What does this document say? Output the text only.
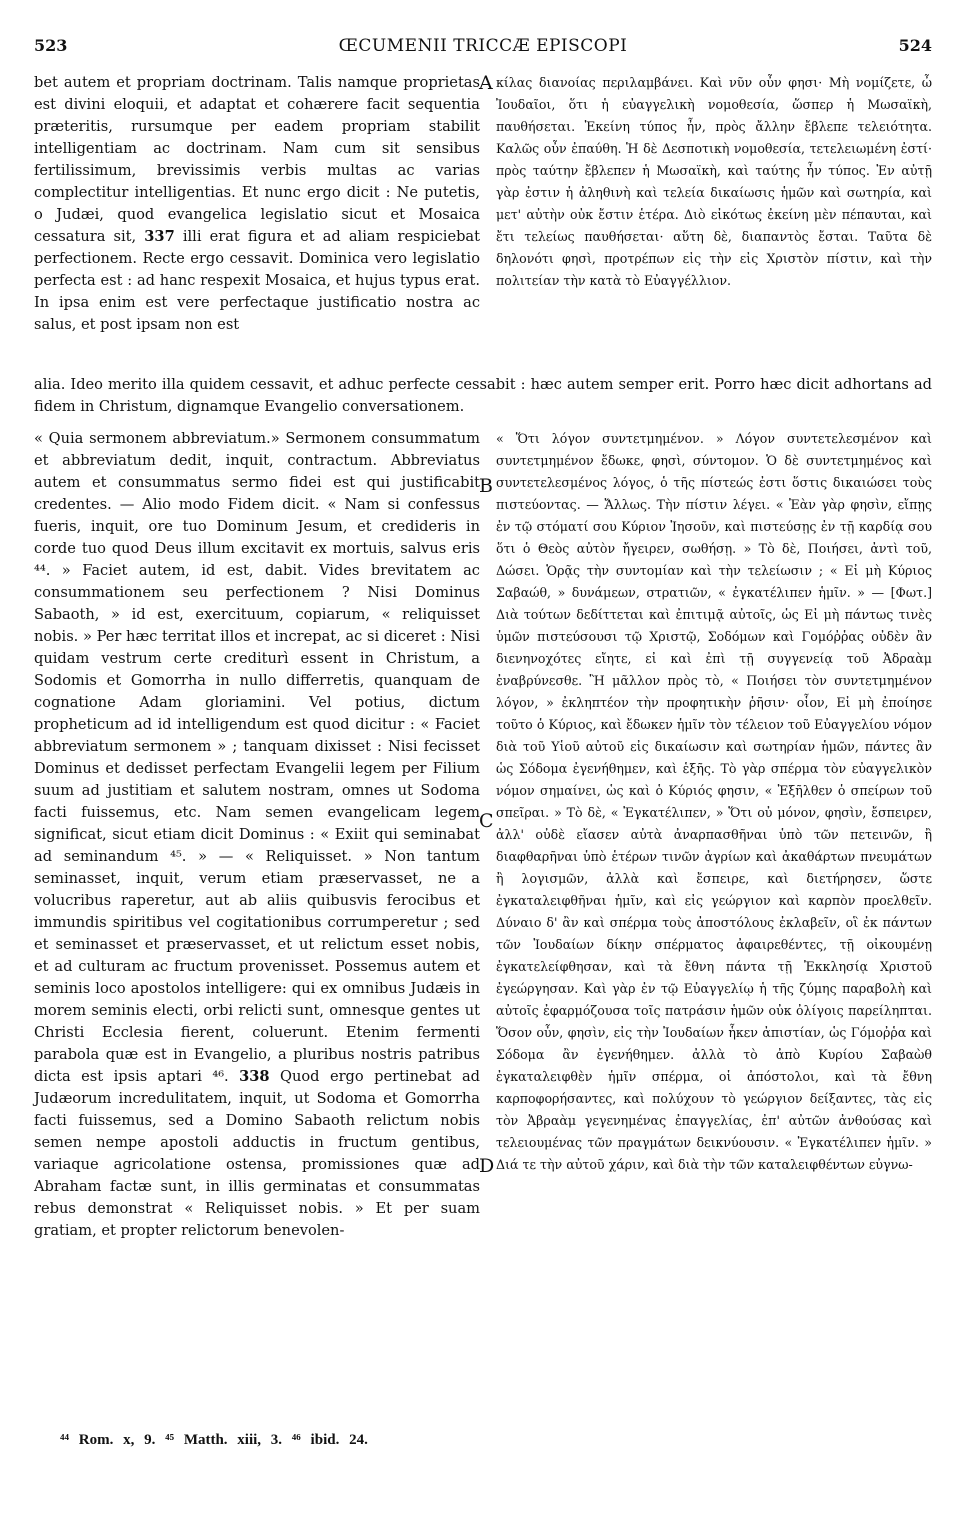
523	ŒCUMENII TRICCÆ EPISCOPI	524

bet autem et propriam doctrinam. Talis namque proprietas est divini eloquii, et adaptat et cohærere facit sequentia præteritis, rursumque per eadem propriam stabilit intelligentiam ac doctrinam. Nam cum sit sensibus fertilissimum, brevissimis verbis multas ac varias complectitur intelligentias. Et nunc ergo dicit : Ne putetis, o Judæi, quod evangelica legislatio sicut et Mosaica cessatura sit, 337 illi erat figura et ad aliam respiciebat perfectionem. Recte ergo cessavit. Dominica vero legislatio perfecta est : ad hanc respexit Mosaica, et hujus typus erat. In ipsa enim est vere perfectaque justificatio nostra ac salus, et post ipsam non est

A κίλας διανοίας περιλαμβάνει. Καὶ νῦν οὖν φησι· Μὴ νομίζετε, ὦ Ἰουδαῖοι, ὅτι ἡ εὐαγγελικὴ νομοθεσία, ὥσπερ ἡ Μωσαϊκὴ, παυθήσεται. Ἐκείνη τύπος ἦν, πρὸς ἄλλην ἔβλεπε τελειότητα. Καλῶς οὖν ἐπαύθη. Ἡ δὲ Δεσποτικὴ νομοθεσία, τετελειωμένη ἐστί· πρὸς ταύτην ἔβλεπεν ἡ Μωσαϊκὴ, καὶ ταύτης ἦν τύπος. Ἐν αὐτῇ γὰρ ἐστιν ἡ ἀληθινὴ καὶ τελεία δικαίωσις ἡμῶν καὶ σωτηρία, καὶ μετ' αὐτὴν οὐκ ἔστιν ἑτέρα. Διὸ εἰκότως ἐκείνη μὲν πέπαυται, καὶ ἔτι τελείως παυθήσεται· αὕτη δὲ, διαπαντὸς ἔσται. Ταῦτα δὲ δηλονότι φησὶ, προτρέπων εἰς τὴν εἰς Χριστὸν πίστιν, καὶ τὴν πολιτείαν τὴν κατὰ τὸ Εὐαγγέλλιον.

alia. Ideo merito illa quidem cessavit, et adhuc perfecte cessabit : hæc autem semper erit. Porro hæc dicit adhortans ad fidem in Christum, dignamque Evangelio conversationem.

« Quia sermonem abbreviatum.» Sermonem consummatum et abbreviatum dedit, inquit, contractum. Abbreviatus autem et consummatus sermo fidei est qui justificabit credentes. — Alio modo Fidem dicit. « Nam si confessus fueris, inquit, ore tuo Dominum Jesum, et credideris in corde tuo quod Deus illum excitavit ex mortuis, salvus eris ⁴⁴. » Faciet autem, id est, dabit. Vides brevitatem ac consummationem seu perfectionem ? Nisi Dominus Sabaoth, » id est, exercituum, copiarum, « reliquisset nobis. » Per hæc territat illos et increpat, ac si diceret : Nisi quidam vestrum certe crediturì essent in Christum, a Sodomis et Gomorrha in nullo differretis, quanquam de cognatione Adam gloriamini. Vel potius, dictum propheticum ad id intelligendum est quod dicitur : « Faciet abbreviatum sermonem » ; tanquam dixisset : Nisi fecisset Dominus et dedisset perfectam Evangelii legem per Filium suum ad justitiam et salutem nostram, omnes ut Sodoma facti fuissemus, etc. Nam semen evangelicam legem significat, sicut etiam dicit Dominus : « Exiit qui seminabat ad seminandum ⁴⁵. » — « Reliquisset. » Non tantum seminasset, inquit, verum etiam præservasset, ne a volucribus raperetur, aut ab aliis quibusvis ferocibus et immundis spiritibus vel cogitationibus corrumperetur ; sed et seminasset et præservasset, et ut relictum esset nobis, et ad culturam ac fructum provenisset. Possemus autem et seminis loco apostolos intelligere: qui ex omnibus Judæis in morem seminis electi, orbi relicti sunt, omnesque gentes ut Christi Ecclesia fierent, coluerunt. Etenim fermenti parabola quæ est in Evangelio, a pluribus nostris patribus dicta est ipsis aptari ⁴⁶. 338 Quod ergo pertinebat ad Judæorum incredulitatem, inquit, ut Sodoma et Gomorrha facti fuissemus, sed a Domino Sabaoth relictum nobis semen nempe apostoli adductis in fructum gentibus, variaque agricolatione ostensa, promissiones quæ ad Abraham factæ sunt, in illis germinatas et consummatas rebus demonstrat « Reliquisset nobis. » Et per suam gratiam, et propter relictorum benevolen-

B
C
D

« Ὅτι λόγον συντετμημένον. » Λόγον συντετελεσμένον καὶ συντετμημένον ἔδωκε, φησὶ, σύντομον. Ὁ δὲ συντετμημένος καὶ συντετελεσμένος λόγος, ὁ τῆς πίστεώς ἐστι ὅστις δικαιώσει τοὺς πιστεύοντας. — Ἄλλως. Τὴν πίστιν λέγει. « Ἐὰν γὰρ φησὶν, εἴπῃς ἐν τῷ στόματί σου Κύριον Ἰησοῦν, καὶ πιστεύσῃς ἐν τῇ καρδίᾳ σου ὅτι ὁ Θεὸς αὐτὸν ἤγειρεν, σωθήσῃ. » Τὸ δὲ, Ποιήσει, ἀντὶ τοῦ, Δώσει. Ὁρᾷς τὴν συντομίαν καὶ τὴν τελείωσιν ; « Εἰ μὴ Κύριος Σαβαώθ, » δυνάμεων, στρατιῶν, « ἐγκατέλιπεν ἡμῖν. » — [Φωτ.] Διὰ τούτων δεδίττεται καὶ ἐπιτιμᾷ αὐτοῖς, ὡς Εἰ μὴ πάντως τινὲς ὑμῶν πιστεύσουσι τῷ Χριστῷ, Σοδόμων καὶ Γομόῤῥας οὐδὲν ἂν διενηνοχότες εἴητε, εἰ καὶ ἐπὶ τῇ συγγενείᾳ τοῦ Ἀδραὰμ ἐναβρύνεσθε. Ἢ μᾶλλον πρὸς τὸ, « Ποιήσει τὸν συντετμημένον λόγον, » ἐκληπτέον τὴν προφητικὴν ῥῆσιν· οἷον, Εἰ μὴ ἐποίησε τοῦτο ὁ Κύριος, καὶ ἔδωκεν ἡμῖν τὸν τέλειον τοῦ Εὐαγγελίου νόμον διὰ τοῦ Υἱοῦ αὐτοῦ εἰς δικαίωσιν καὶ σωτηρίαν ἡμῶν, πάντες ἂν ὡς Σόδομα ἐγενήθημεν, καὶ ἑξῆς. Τὸ γὰρ σπέρμα τὸν εὐαγγελικὸν νόμον σημαίνει, ὡς καὶ ὁ Κύριός φησιν, « Ἐξῆλθεν ὁ σπείρων τοῦ σπεῖραι. » Τὸ δὲ, « Ἐγκατέλιπεν, » Ὅτι οὐ μόνον, φησὶν, ἔσπειρεν, ἀλλ' οὐδὲ εἴασεν αὐτὰ ἀναρπασθῆναι ὑπὸ τῶν πετεινῶν, ἢ διαφθαρῆναι ὑπὸ ἑτέρων τινῶν ἀγρίων καὶ ἀκαθάρτων πνευμάτων ἢ λογισμῶν, ἀλλὰ καὶ ἔσπειρε, καὶ διετήρησεν, ὥστε ἐγκαταλειφθῆναι ἡμῖν, καὶ εἰς γεώργιον καὶ καρπὸν προελθεῖν. Δύναιο δ' ἂν καὶ σπέρμα τοὺς ἀποστόλους ἐκλαβεῖν, οἳ ἐκ πάντων τῶν Ἰουδαίων δίκην σπέρματος ἀφαιρεθέντες, τῇ οἰκουμένῃ ἐγκατελείφθησαν, καὶ τὰ ἔθνη πάντα τῇ Ἐκκλησίᾳ Χριστοῦ ἐγεώργησαν. Καὶ γὰρ ἐν τῷ Εὐαγγελίῳ ἡ τῆς ζύμης παραβολὴ καὶ αὐτοῖς ἐφαρμόζουσα τοῖς πατράσιν ἡμῶν οὐκ ὀλίγοις παρείληπται. Ὅσον οὖν, φησὶν, εἰς τὴν Ἰουδαίων ἧκεν ἀπιστίαν, ὡς Γόμοῤῥα καὶ Σόδομα ἂν ἐγενήθημεν. ἀλλὰ τὸ ἀπὸ Κυρίου Σαβαὼθ ἐγκαταλειφθὲν ἡμῖν σπέρμα, οἱ ἀπόστολοι, καὶ τὰ ἔθνη καρποφορήσαντες, καὶ πολύχουν τὸ γεώργιον δείξαντες, τὰς εἰς τὸν Ἀβραὰμ γεγενημένας ἐπαγγελίας, ἐπ' αὐτῶν ἀνθούσας καὶ τελειουμένας τῶν πραγμάτων δεικνύουσιν. « Ἐγκατέλιπεν ἡμῖν. » Διά τε τὴν αὐτοῦ χάριν, καὶ διὰ τὴν τῶν καταλειφθέντων εὐγνω-

⁴⁴ Rom. x, 9. ⁴⁵ Matth. xiii, 3. ⁴⁶ ibid. 24.
